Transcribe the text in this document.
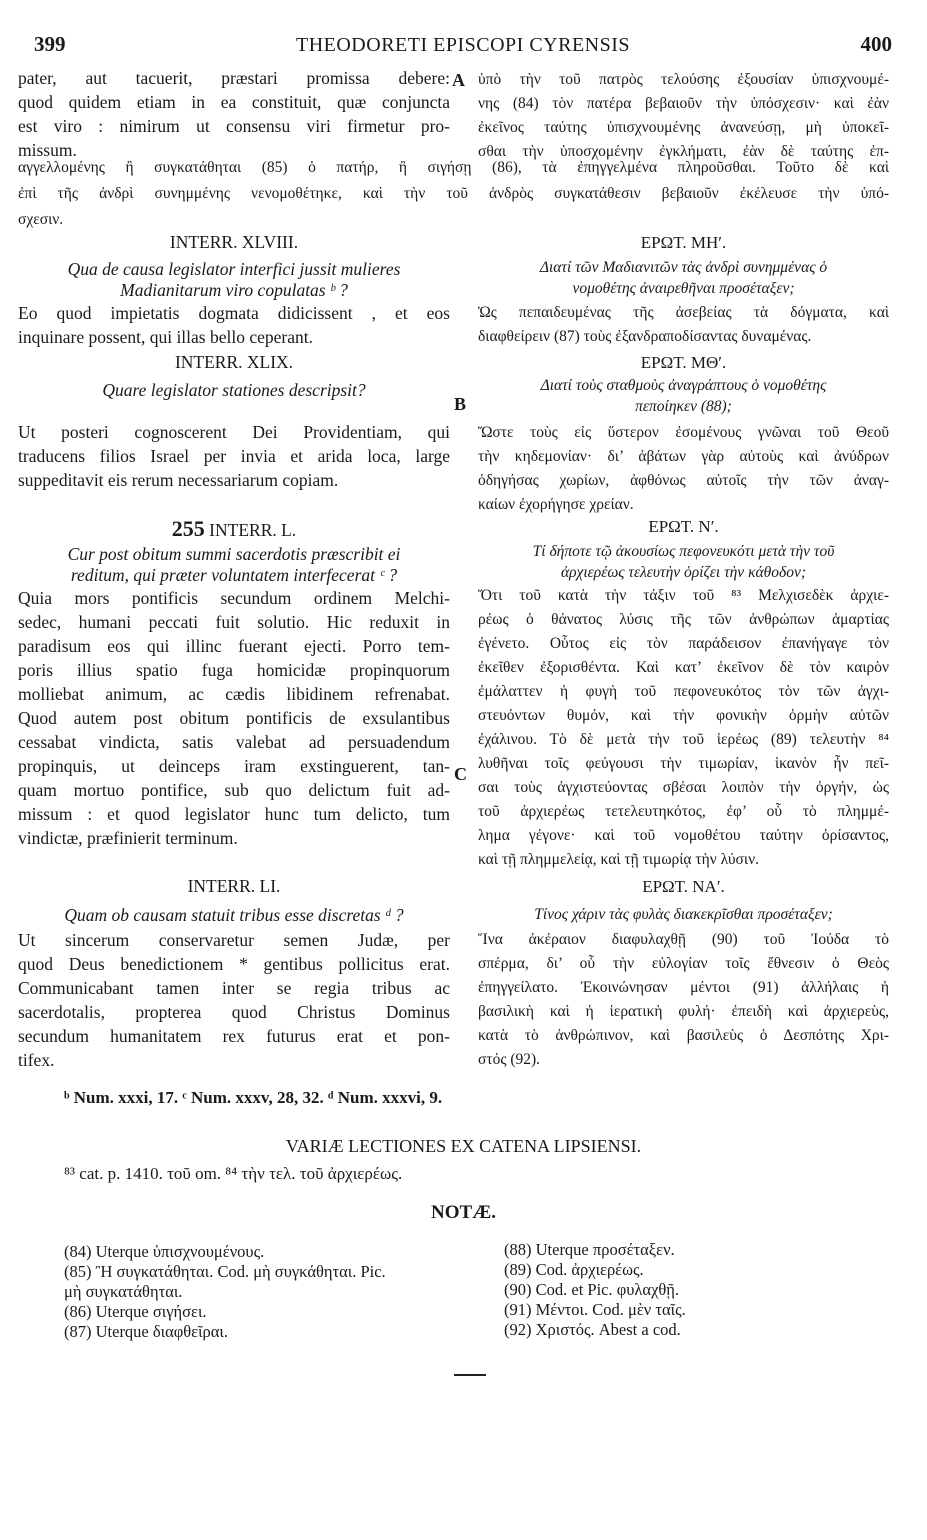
399	THEODORETI EPISCOPI CYRENSIS	400
A
B
C
pater, aut tacuerit, præstari promissa debere:
quod quidem etiam in ea constituit, quæ conjuncta
est viro : nimirum ut consensu viri firmetur pro-
missum.
ὑπὸ τὴν τοῦ πατρὸς τελούσης ἐξουσίαν ὑπισχνουμέ-
νης (84) τὸν πατέρα βεβαιοῦν τὴν ὑπόσχεσιν· καὶ ἐὰν
ἐκεῖνος ταύτης ὑπισχνουμένης ἀνανεύσῃ, μὴ ὑποκεῖ-
σθαι τὴν ὑποσχομένην ἐγκλήματι, ἐὰν δὲ ταύτης ἐπ-
αγγελλομένης ἢ συγκατάθηται (85) ὁ πατήρ, ἢ σιγήσῃ (86), τὰ ἐπηγγελμένα πληροῦσθαι. Τοῦτο δὲ καὶ
ἐπὶ τῆς ἀνδρὶ συνημμένης νενομοθέτηκε, καὶ τὴν τοῦ ἀνδρὸς συγκατάθεσιν βεβαιοῦν ἐκέλευσε τὴν ὑπό-
σχεσιν.
INTERR. XLVIII.
Qua de causa legislator interfici jussit mulieres
Madianitarum viro copulatas ᵇ ?
Eo quod impietatis dogmata didicissent , et eos
inquinare possent, qui illas bello ceperant.
ΕΡΩΤ. ΜΗʹ.
Διατί τῶν Μαδιανιτῶν τὰς ἀνδρὶ συνημμένας ὁ
νομοθέτης ἀναιρεθῆναι προσέταξεν;
Ὡς πεπαιδευμένας τῆς ἀσεβείας τὰ δόγματα, καὶ
διαφθείρειν (87) τοὺς ἐξανδραποδίσαντας δυναμένας.
INTERR. XLIX.
Quare legislator stationes descripsit?
Ut posteri cognoscerent Dei Providentiam, qui
traducens filios Israel per invia et arida loca, large
suppeditavit eis rerum necessariarum copiam.
ΕΡΩΤ. ΜΘʹ.
Διατί τοὺς σταθμοὺς ἀναγράπτους ὁ νομοθέτης
πεποίηκεν (88);
Ὥστε τοὺς εἰς ὕστερον ἐσομένους γνῶναι τοῦ Θεοῦ
τὴν κηδεμονίαν· δι’ ἀβάτων γὰρ αὐτοὺς καὶ ἀνύδρων
ὁδηγήσας χωρίων, ἀφθόνως αὐτοῖς τὴν τῶν ἀναγ-
καίων ἐχορήγησε χρείαν.
255 INTERR. L.
Cur post obitum summi sacerdotis præscribit ei
reditum, qui præter voluntatem interfecerat ᶜ ?
Quia mors pontificis secundum ordinem Melchi-
sedec, humani peccati fuit solutio. Hic reduxit in
paradisum eos qui illinc fuerant ejecti. Porro tem-
poris illius spatio fuga homicidæ propinquorum
molliebat animum, ac cædis libidinem refrenabat.
Quod autem post obitum pontificis de exsulantibus
cessabat vindicta, satis valebat ad persuadendum
propinquis, ut deinceps iram exstinguerent, tan-
quam mortuo pontifice, sub quo delictum fuit ad-
missum : et quod legislator hunc tum delicto, tum
vindictæ, præfinierit terminum.
ΕΡΩΤ. Νʹ.
Τί δήποτε τῷ ἀκουσίως πεφονευκότι μετὰ τὴν τοῦ
ἀρχιερέως τελευτὴν ὁρίζει τὴν κάθοδον;
Ὅτι τοῦ κατὰ τὴν τάξιν τοῦ ⁸³ Μελχισεδὲκ ἀρχιε-
ρέως ὁ θάνατος λύσις τῆς τῶν ἀνθρώπων ἁμαρτίας
ἐγένετο. Οὗτος εἰς τὸν παράδεισον ἐπανήγαγε τὸν
ἐκεῖθεν ἐξορισθέντα. Καὶ κατ’ ἐκεῖνον δὲ τὸν καιρὸν
ἐμάλαττεν ἡ φυγὴ τοῦ πεφονευκότος τὸν τῶν ἀγχι-
στευόντων θυμόν, καὶ τὴν φονικὴν ὁρμὴν αὐτῶν
ἐχάλινου. Τὸ δὲ μετὰ τὴν τοῦ ἱερέως (89) τελευτὴν ⁸⁴
λυθῆναι τοῖς φεύγουσι τὴν τιμωρίαν, ἱκανὸν ἦν πεῖ-
σαι τοὺς ἀγχιστεύοντας σβέσαι λοιπὸν τὴν ὀργήν, ὡς
τοῦ ἀρχιερέως τετελευτηκότος, ἐφ’ οὗ τὸ πλημμέ-
λημα γέγονε· καὶ τοῦ νομοθέτου ταύτην ὁρίσαντος,
καὶ τῇ πλημμελείᾳ, καὶ τῇ τιμωρίᾳ τὴν λύσιν.
INTERR. LI.
Quam ob causam statuit tribus esse discretas ᵈ ?
Ut sincerum conservaretur semen Judæ, per
quod Deus benedictionem * gentibus pollicitus erat.
Communicabant tamen inter se regia tribus ac
sacerdotalis, propterea quod Christus Dominus
secundum humanitatem rex futurus erat et pon-
tifex.
ΕΡΩΤ. ΝΑʹ.
Τίνος χάριν τὰς φυλὰς διακεκρῖσθαι προσέταξεν;
Ἵνα ἀκέραιον διαφυλαχθῇ (90) τοῦ Ἰούδα τὸ
σπέρμα, δι’ οὗ τὴν εὐλογίαν τοῖς ἔθνεσιν ὁ Θεὸς
ἐπηγγείλατο. Ἐκοινώνησαν μέντοι (91) ἀλλήλαις ἡ
βασιλικὴ καὶ ἡ ἱερατικὴ φυλή· ἐπειδὴ καὶ ἀρχιερεὺς,
κατὰ τὸ ἀνθρώπινον, καὶ βασιλεὺς ὁ Δεσπότης Χρι-
στός (92).
ᵇ Num. xxxi, 17. ᶜ Num. xxxv, 28, 32. ᵈ Num. xxxvi, 9.
VARIÆ LECTIONES EX CATENA LIPSIENSI.
⁸³ cat. p. 1410. τοῦ om. ⁸⁴ τὴν τελ. τοῦ ἀρχιερέως.
NOTÆ.
(84) Uterque ὑπισχνουμένους.
(85) Ἢ συγκατάθηται. Cod. μὴ συγκάθηται. Pic.
μὴ συγκατάθηται.
(86) Uterque σιγήσει.
(87) Uterque διαφθεῖραι.
(88) Uterque προσέταξεν.
(89) Cod. ἀρχιερέως.
(90) Cod. et Pic. φυλαχθῇ.
(91) Μέντοι. Cod. μὲν ταῖς.
(92) Χριστός. Abest a cod.
